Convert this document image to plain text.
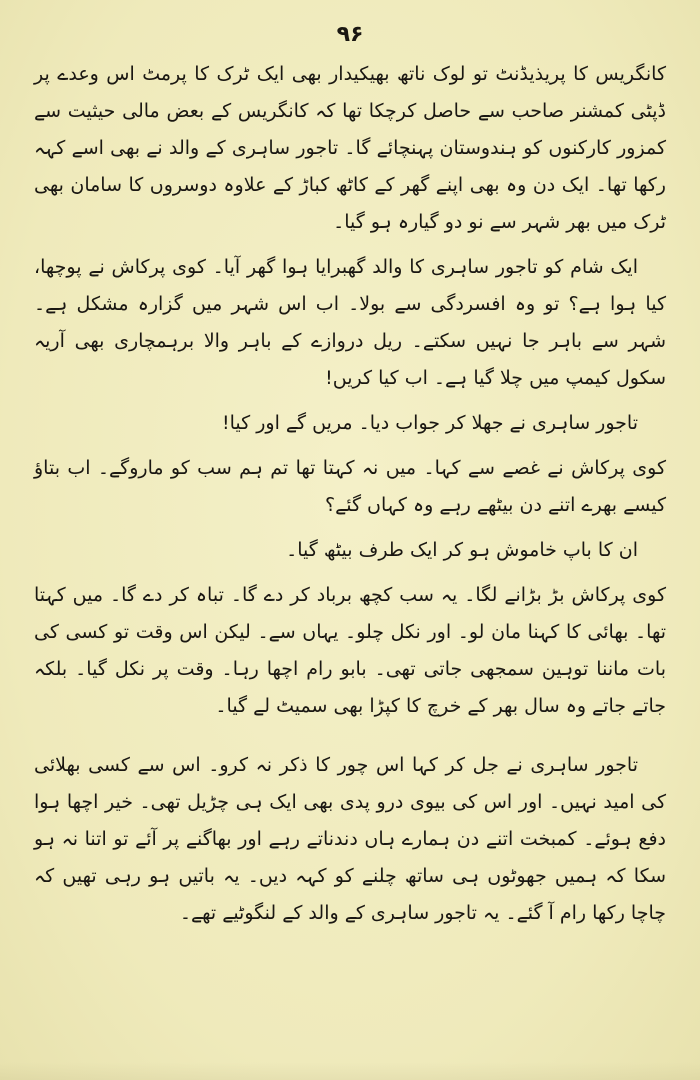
۹۶

کانگریس کا پریذیڈنٹ تو لوک ناتھ بھیکیدار بھی ایک ٹرک کا پرمٹ اس وعدے پر ڈپٹی کمشنر صاحب سے حاصل کرچکا تھا کہ کانگریس کے بعض مالی حیثیت سے کمزور کارکنوں کو ہندوستان پہنچائے گا۔ تاجور ساہری کے والد نے بھی اسے کہہ رکھا تھا۔ ایک دن وہ بھی اپنے گھر کے کاٹھ کباڑ کے علاوہ دوسروں کا سامان بھی ٹرک میں بھر شہر سے نو دو گیارہ ہو گیا۔

ایک شام کو تاجور ساہری کا والد گھبرایا ہوا گھر آیا۔ کوی پرکاش نے پوچھا، کیا ہوا ہے؟ تو وہ افسردگی سے بولا۔ اب اس شہر میں گزارہ مشکل ہے۔ شہر سے باہر جا نہیں سکتے۔ ریل دروازے کے باہر والا برہمچاری بھی آریہ سکول کیمپ میں چلا گیا ہے۔ اب کیا کریں!

تاجور ساہری نے جھلا کر جواب دیا۔ مریں گے اور کیا!

کوی پرکاش نے غصے سے کہا۔ میں نہ کہتا تھا تم ہم سب کو ماروگے۔ اب بتاؤ کیسے بھرے اتنے دن بیٹھے رہے وہ کہاں گئے؟

ان کا باپ خاموش ہو کر ایک طرف بیٹھ گیا۔

کوی پرکاش بڑ بڑانے لگا۔ یہ سب کچھ برباد کر دے گا۔ تباہ کر دے گا۔ میں کہتا تھا۔ بھائی کا کہنا مان لو۔ اور نکل چلو۔ یہاں سے۔ لیکن اس وقت تو کسی کی بات ماننا توہین سمجھی جاتی تھی۔ بابو رام اچھا رہا۔ وقت پر نکل گیا۔ بلکہ جاتے جاتے وہ سال بھر کے خرچ کا کپڑا بھی سمیٹ لے گیا۔

تاجور ساہری نے جل کر کہا اس چور کا ذکر نہ کرو۔ اس سے کسی بھلائی کی امید نہیں۔ اور اس کی بیوی درو پدی بھی ایک ہی چڑیل تھی۔ خیر اچھا ہوا دفع ہوئے۔ کمبخت اتنے دن ہمارے ہاں دندناتے رہے اور بھاگنے پر آئے تو اتنا نہ ہو سکا کہ ہمیں جھوٹوں ہی ساتھ چلنے کو کہہ دیں۔ یہ باتیں ہو رہی تھیں کہ چاچا رکھا رام آ گئے۔ یہ تاجور ساہری کے والد کے لنگوٹیے تھے۔
